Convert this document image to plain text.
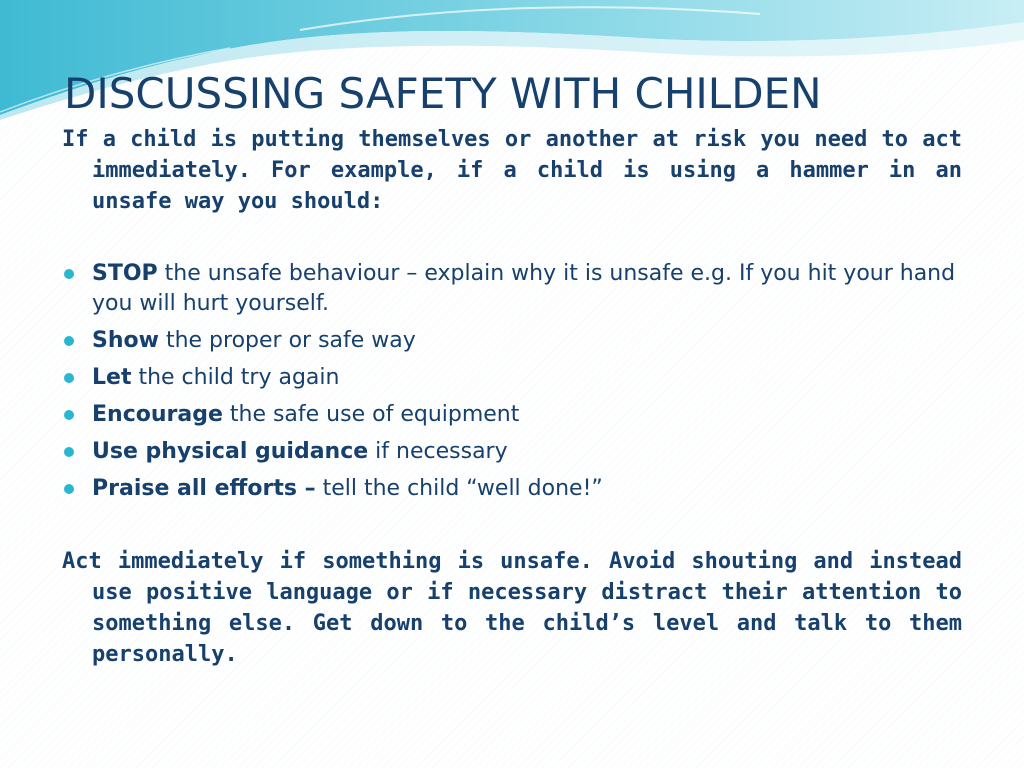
DISCUSSING SAFETY WITH CHILDEN

If a child is putting themselves or another at risk you need to act immediately. For example, if a child is using a hammer in an unsafe way you should:

STOP the unsafe behaviour – explain why it is unsafe e.g. If you hit your hand you will hurt yourself.
Show the proper or safe way
Let the child try again
Encourage the safe use of equipment
Use physical guidance if necessary
Praise all efforts – tell the child “well done!”

Act immediately if something is unsafe. Avoid shouting and instead use positive language or if necessary distract their attention to something else. Get down to the child’s level and talk to them personally.
